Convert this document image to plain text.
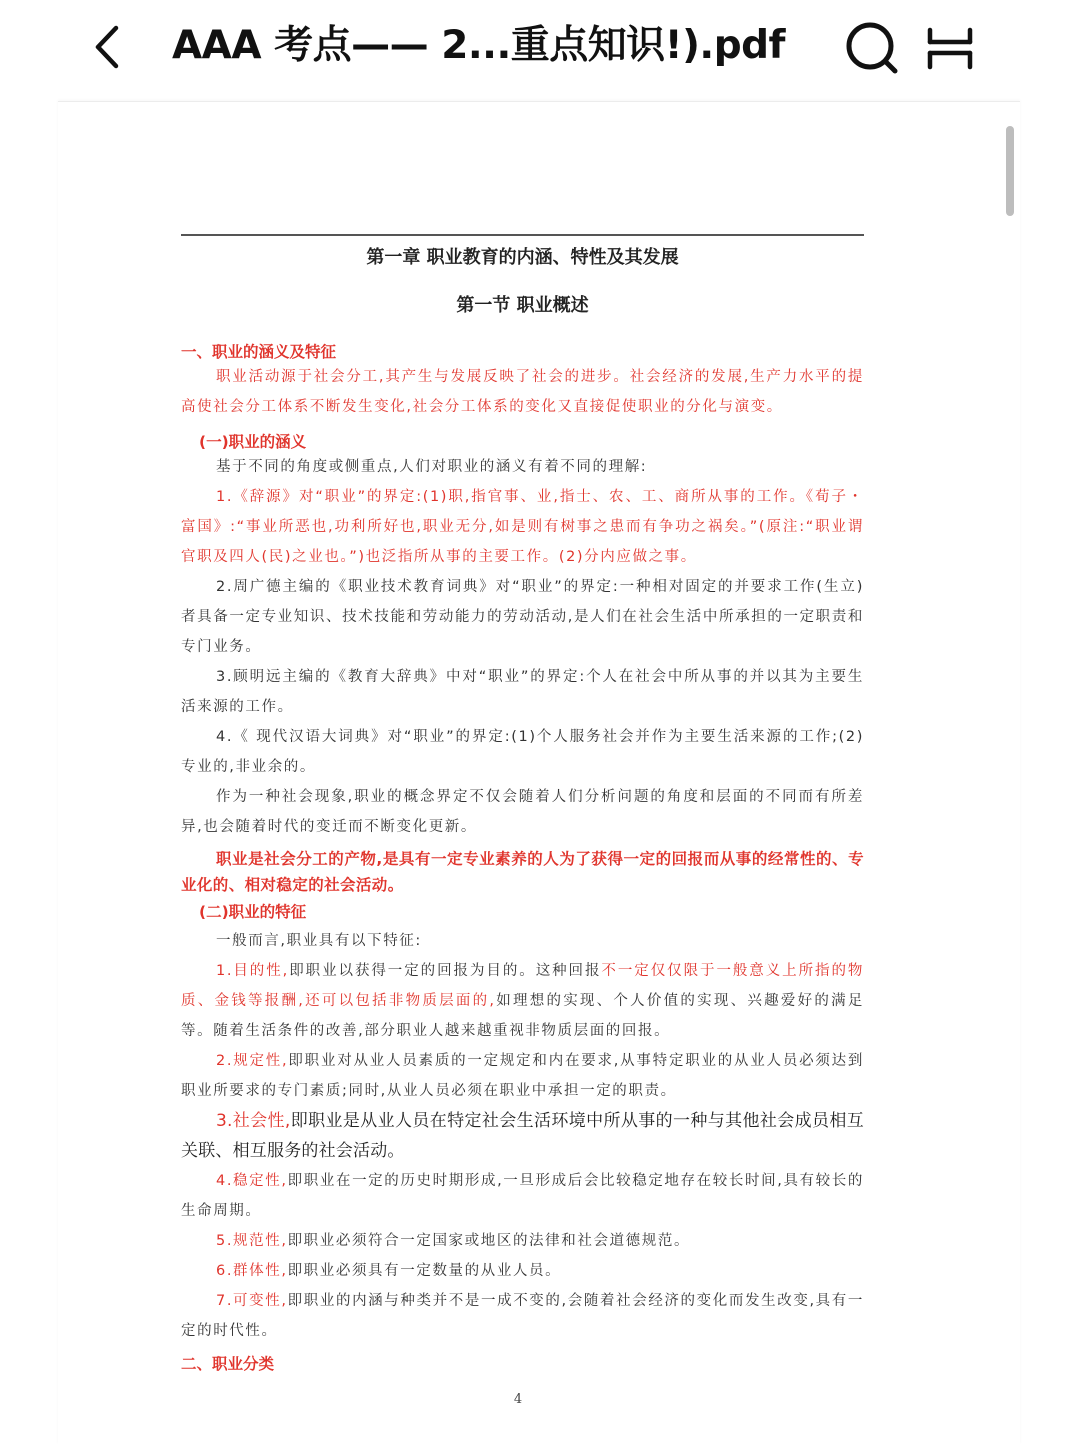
AAA 考点—— 2...重点知识!).pdf
第一章 职业教育的内涵、特性及其发展
第一节 职业概述
一、职业的涵义及特征
职业活动源于社会分工,其产生与发展反映了社会的进步。社会经济的发展,生产力水平的提高使社会分工体系不断发生变化,社会分工体系的变化又直接促使职业的分化与演变。
(一)职业的涵义
基于不同的角度或侧重点,人们对职业的涵义有着不同的理解:
1.《辞源》对“职业”的界定:(1)职,指官事、业,指士、农、工、商所从事的工作。《荀子・富国》:“事业所恶也,功利所好也,职业无分,如是则有树事之患而有争功之祸矣。”(原注:“职业谓官职及四人(民)之业也。”)也泛指所从事的主要工作。(2)分内应做之事。
2.周广德主编的《职业技术教育词典》对“职业”的界定:一种相对固定的并要求工作(生立)者具备一定专业知识、技术技能和劳动能力的劳动活动,是人们在社会生活中所承担的一定职责和专门业务。
3.顾明远主编的《教育大辞典》中对“职业”的界定:个人在社会中所从事的并以其为主要生活来源的工作。
4.《 现代汉语大词典》对“职业”的界定:(1)个人服务社会并作为主要生活来源的工作;(2)专业的,非业余的。
作为一种社会现象,职业的概念界定不仅会随着人们分析问题的角度和层面的不同而有所差异,也会随着时代的变迁而不断变化更新。
职业是社会分工的产物,是具有一定专业素养的人为了获得一定的回报而从事的经常性的、专业化的、相对稳定的社会活动。
(二)职业的特征
一般而言,职业具有以下特征:
1.目的性,即职业以获得一定的回报为目的。这种回报不一定仅仅限于一般意义上所指的物质、金钱等报酬,还可以包括非物质层面的,如理想的实现、个人价值的实现、兴趣爱好的满足等。随着生活条件的改善,部分职业人越来越重视非物质层面的回报。
2.规定性,即职业对从业人员素质的一定规定和内在要求,从事特定职业的从业人员必须达到职业所要求的专门素质;同时,从业人员必须在职业中承担一定的职责。
3.社会性,即职业是从业人员在特定社会生活环境中所从事的一种与其他社会成员相互关联、相互服务的社会活动。
4.稳定性,即职业在一定的历史时期形成,一旦形成后会比较稳定地存在较长时间,具有较长的生命周期。
5.规范性,即职业必须符合一定国家或地区的法律和社会道德规范。
6.群体性,即职业必须具有一定数量的从业人员。
7.可变性,即职业的内涵与种类并不是一成不变的,会随着社会经济的变化而发生改变,具有一定的时代性。
二、职业分类
4
